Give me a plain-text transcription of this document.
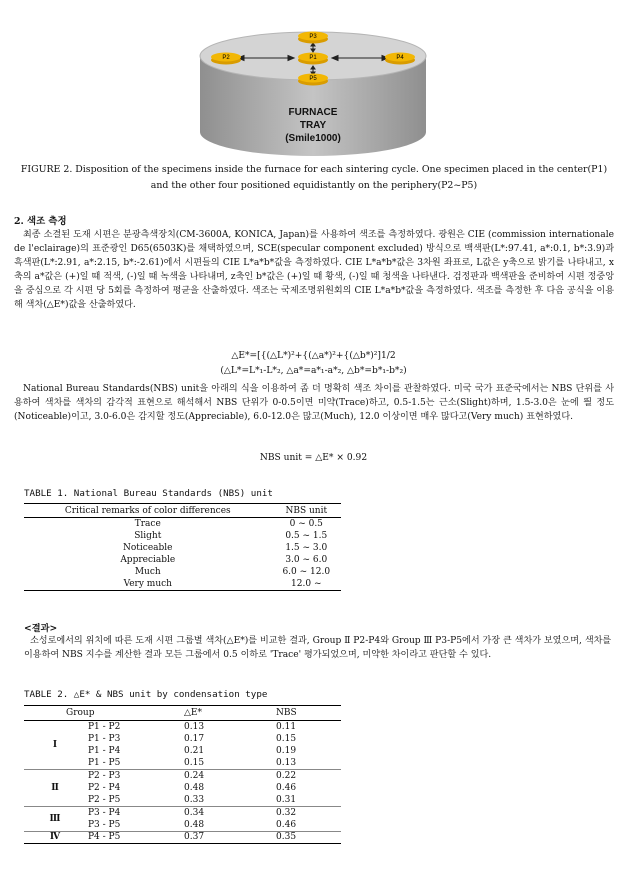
P3
P2	P1	P4
P5
FURNACE
TRAY
(Smile1000)
FIGURE 2. Disposition of the specimens inside the furnace for each sintering cycle. One specimen placed in the center(P1) and the other four positioned equidistantly on the periphery(P2~P5)
2. 색조 측정

최종 소결된 도재 시편은 분광측색장치(CM-3600A, KONICA, Japan)를 사용하여 색조를 측정하였다. 광원은 CIE (commission internationale de l'eclairage)의 표준광인 D65(6503K)를 채택하였으며, SCE(specular component excluded) 방식으로 백색판(L*:97.41, a*:0.1, b*:3.9)과 흑색판(L*:2.91, a*:2.15, b*:-2.61)에서 시편들의 CIE L*a*b*값을 측정하였다. CIE L*a*b*값은 3차원 좌표로, L값은 y축으로 밝기를 나타내고, x축의 a*값은 (+)일 때 적색, (-)일 때 녹색을 나타내며, z축인 b*값은 (+)일 때 황색, (-)일 때 청색을 나타낸다. 검정판과 백색판을 준비하여 시편 정중앙을 중심으로 각 시편 당 5회를 측정하여 평균을 산출하였다. 색조는 국제조명위원회의 CIE L*a*b*값을 측정하였다. 색조를 측정한 후 다음 공식을 이용해 색차(△E*)값을 산출하였다.

△E*=[{(△L*)²+{(△a*)²+{(△b*)²]1/2
(△L*=L*₁-L*₂, △a*=a*₁-a*₂, △b*=b*₁-b*₂)

National Bureau Standards(NBS) unit을 아래의 식을 이용하여 좀 더 명확히 색조 차이를 관찰하였다. 미국 국가 표준국에서는 NBS 단위를 사용하여 색차를 색차의 감각적 표현으로 해석해서 NBS 단위가 0-0.5이면 미약(Trace)하고, 0.5-1.5는 근소(Slight)하며, 1.5-3.0은 눈에 띌 정도(Noticeable)이고, 3.0-6.0은 감지할 정도(Appreciable), 6.0-12.0은 많고(Much), 12.0 이상이면 매우 많다고(Very much) 표현하였다.

NBS unit = △E* × 0.92
TABLE 1. National Bureau Standards (NBS) unit
Critical remarks of color differences	NBS unit
Trace	0 ~ 0.5
Slight	0.5 ~ 1.5
Noticeable	1.5 ~ 3.0
Appreciable	3.0 ~ 6.0
Much	6.0 ~ 12.0
Very much	12.0 ~
<결과>

소성로에서의 위치에 따른 도재 시편 그룹별 색차(△E*)를 비교한 결과, Group Ⅱ P2-P4와 Group Ⅲ P3-P5에서 가장 큰 색차가 보였으며, 색차를 이용하여 NBS 지수를 계산한 결과 모든 그룹에서 0.5 이하로 'Trace' 평가되었으며, 미약한 차이라고 판단할 수 있다.

TABLE 2. △E* & NBS unit by condensation type
Group		△E*	NBS
Ⅰ	P1 - P2	0.13	0.11
	P1 - P3	0.17	0.15
	P1 - P4	0.21	0.19
	P1 - P5	0.15	0.13
Ⅱ	P2 - P3	0.24	0.22
	P2 - P4	0.48	0.46
	P2 - P5	0.33	0.31
Ⅲ	P3 - P4	0.34	0.32
	P3 - P5	0.48	0.46
Ⅳ	P4 - P5	0.37	0.35
